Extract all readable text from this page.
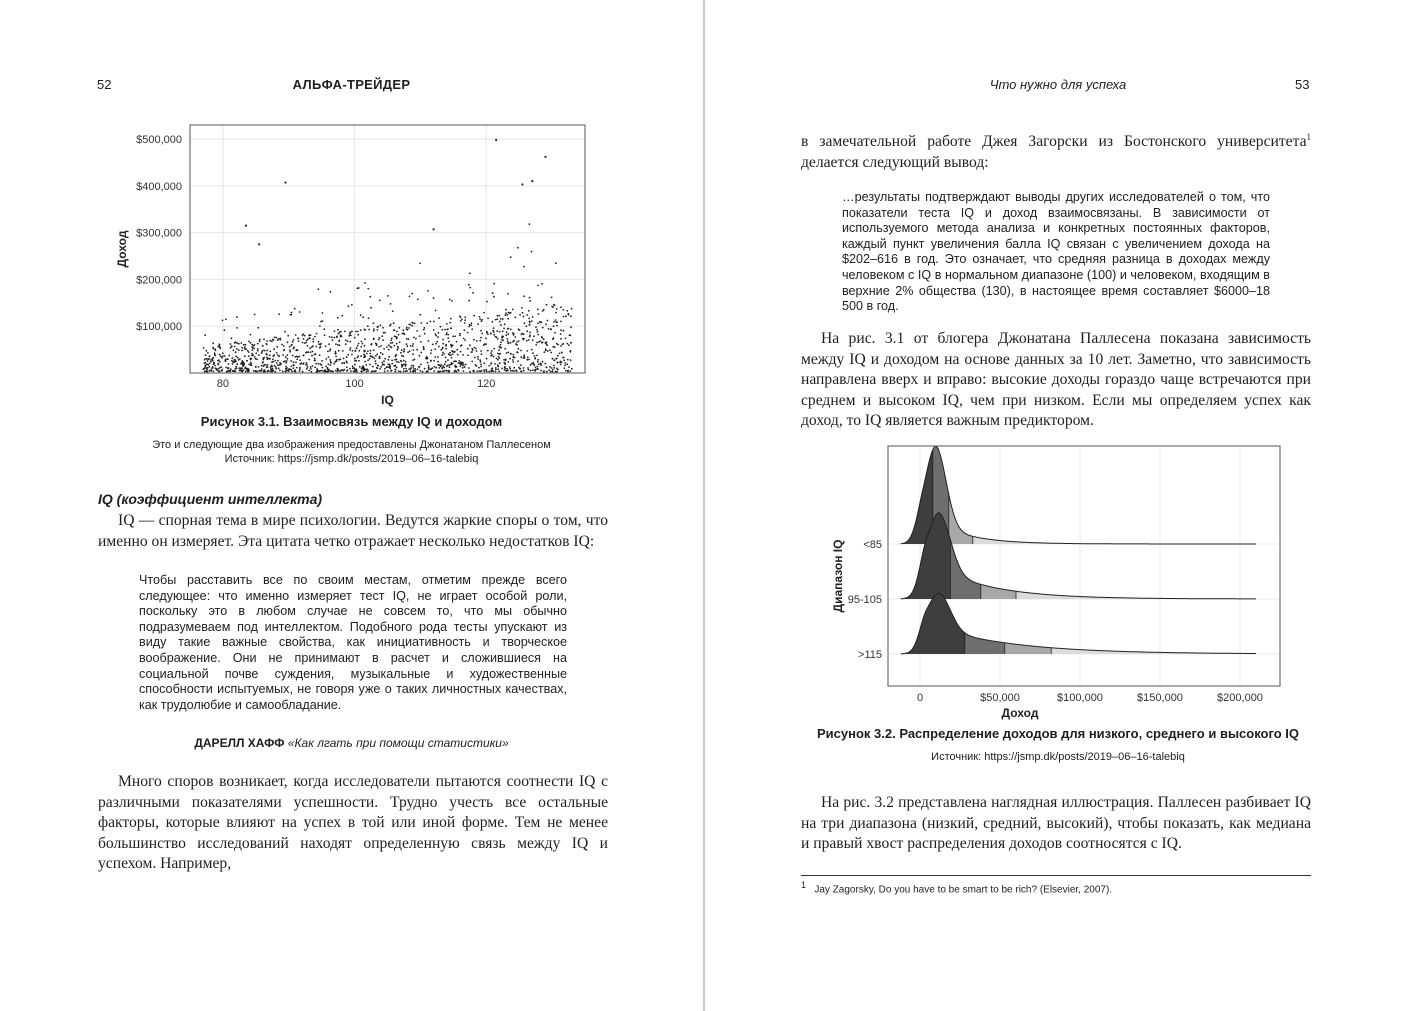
52	АЛЬФА-ТРЕЙДЕР
$100,000
$200,000
$300,000
$400,000
$500,000
80	100	120
IQ
Доход
Рисунок 3.1. Взаимосвязь между IQ и доходом
Это и следующие два изображения предоставлены Джонатаном Паллесеном
Источник: https://jsmp.dk/posts/2019–06–16-talebiq
IQ (коэффициент интеллекта)

IQ — спорная тема в мире психологии. Ведутся жаркие споры о том, что именно он измеряет. Эта цитата четко отражает несколько недостатков IQ:

Чтобы расставить все по своим местам, отметим прежде всего следующее: что именно измеряет тест IQ, не играет особой роли, поскольку это в любом случае не совсем то, что мы обычно подразумеваем под интеллектом. Подобного рода тесты упускают из виду такие важные свойства, как инициативность и творческое воображение. Они не принимают в расчет и сложившиеся на социальной почве суждения, музыкальные и художественные способности испытуемых, не говоря уже о таких личностных качествах, как трудолюбие и самообладание.
ДАРЕЛЛ ХАФФ «Как лгать при помощи статистики»

Много споров возникает, когда исследователи пытаются соотнести IQ с различными показателями успешности. Трудно учесть все остальные факторы, которые влияют на успех в той или иной форме. Тем не менее большинство исследований находят определенную связь между IQ и успехом. Например,

Что нужно для успеха	53

в замечательной работе Джея Загорски из Бостонского университета$^1$ делается следующий вывод:

…результаты подтверждают выводы других исследователей о том, что показатели теста IQ и доход взаимосвязаны. В зависимости от используемого метода анализа и конкретных постоянных факторов, каждый пункт увеличения балла IQ связан с увеличением дохода на $202–616 в год. Это означает, что средняя разница в доходах между человеком с IQ в нормальном диапазоне (100) и человеком, входящим в верхние 2% общества (130), в настоящее время составляет $6000–18 500 в год.

На рис. 3.1 от блогера Джонатана Паллесена показана зависимость между IQ и доходом на основе данных за 10 лет. Заметно, что зависимость направлена вверх и вправо: высокие доходы гораздо чаще встречаются при среднем и высоком IQ, чем при низком. Если мы определяем успех как доход, то IQ является важным предиктором.

0	$50,000	$100,000	$150,000	$200,000
<85
95-105
>115
Доход
Диапазон IQ
Рисунок 3.2. Распределение доходов для низкого, среднего и высокого IQ
Источник: https://jsmp.dk/posts/2019–06–16-talebiq

На рис. 3.2 представлена наглядная иллюстрация. Паллесен разбивает IQ на три диапазона (низкий, средний, высокий), чтобы показать, как медиана и правый хвост распределения доходов соотносятся с IQ.

$^1$ Jay Zagorsky, Do you have to be smart to be rich? (Elsevier, 2007).
